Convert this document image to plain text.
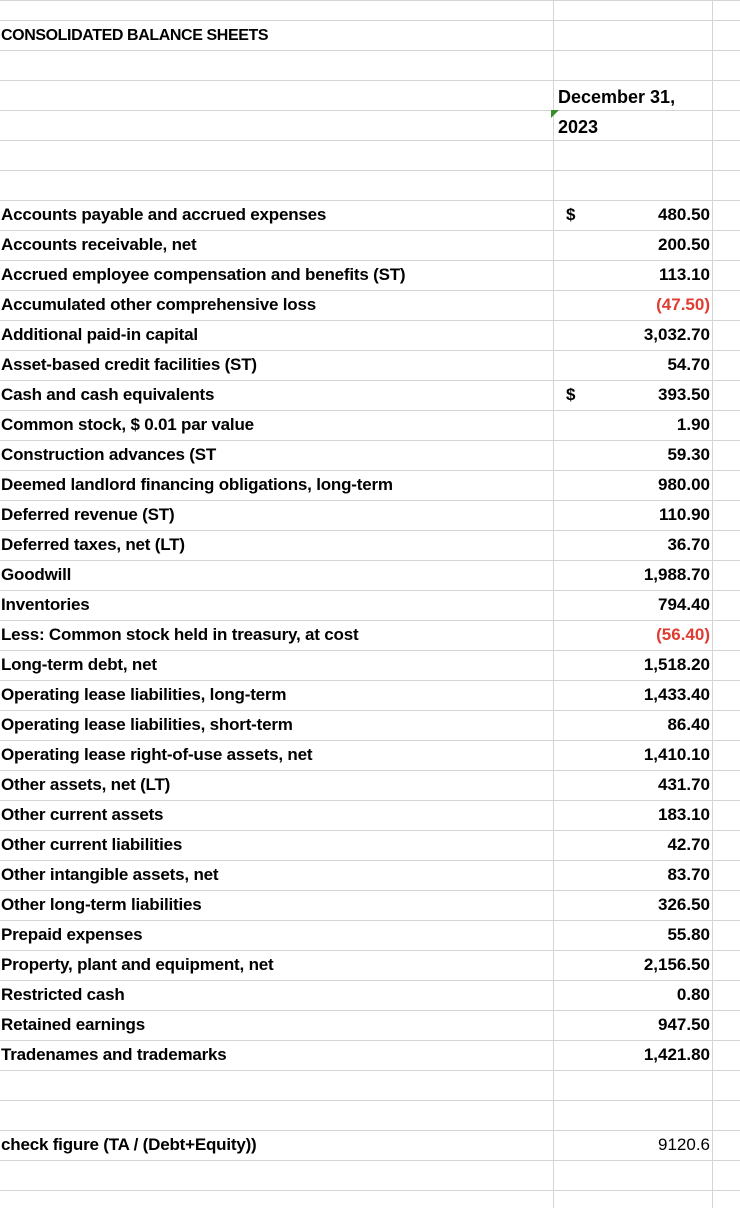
CONSOLIDATED BALANCE SHEETS
December 31,
2023
Accounts payable and accrued expenses	$	480.50
Accounts receivable, net	200.50
Accrued employee compensation and benefits (ST)	113.10
Accumulated other comprehensive loss	(47.50)
Additional paid-in capital	3,032.70
Asset-based credit facilities (ST)	54.70
Cash and cash equivalents	$	393.50
Common stock, $ 0.01 par value	1.90
Construction advances (ST	59.30
Deemed landlord financing obligations, long-term	980.00
Deferred revenue (ST)	110.90
Deferred taxes, net (LT)	36.70
Goodwill	1,988.70
Inventories	794.40
Less: Common stock held in treasury, at cost	(56.40)
Long-term debt, net	1,518.20
Operating lease liabilities, long-term	1,433.40
Operating lease liabilities, short-term	86.40
Operating lease right-of-use assets, net	1,410.10
Other assets, net (LT)	431.70
Other current assets	183.10
Other current liabilities	42.70
Other intangible assets, net	83.70
Other long-term liabilities	326.50
Prepaid expenses	55.80
Property, plant and equipment, net	2,156.50
Restricted cash	0.80
Retained earnings	947.50
Tradenames and trademarks	1,421.80
check figure (TA / (Debt+Equity))	9120.6
